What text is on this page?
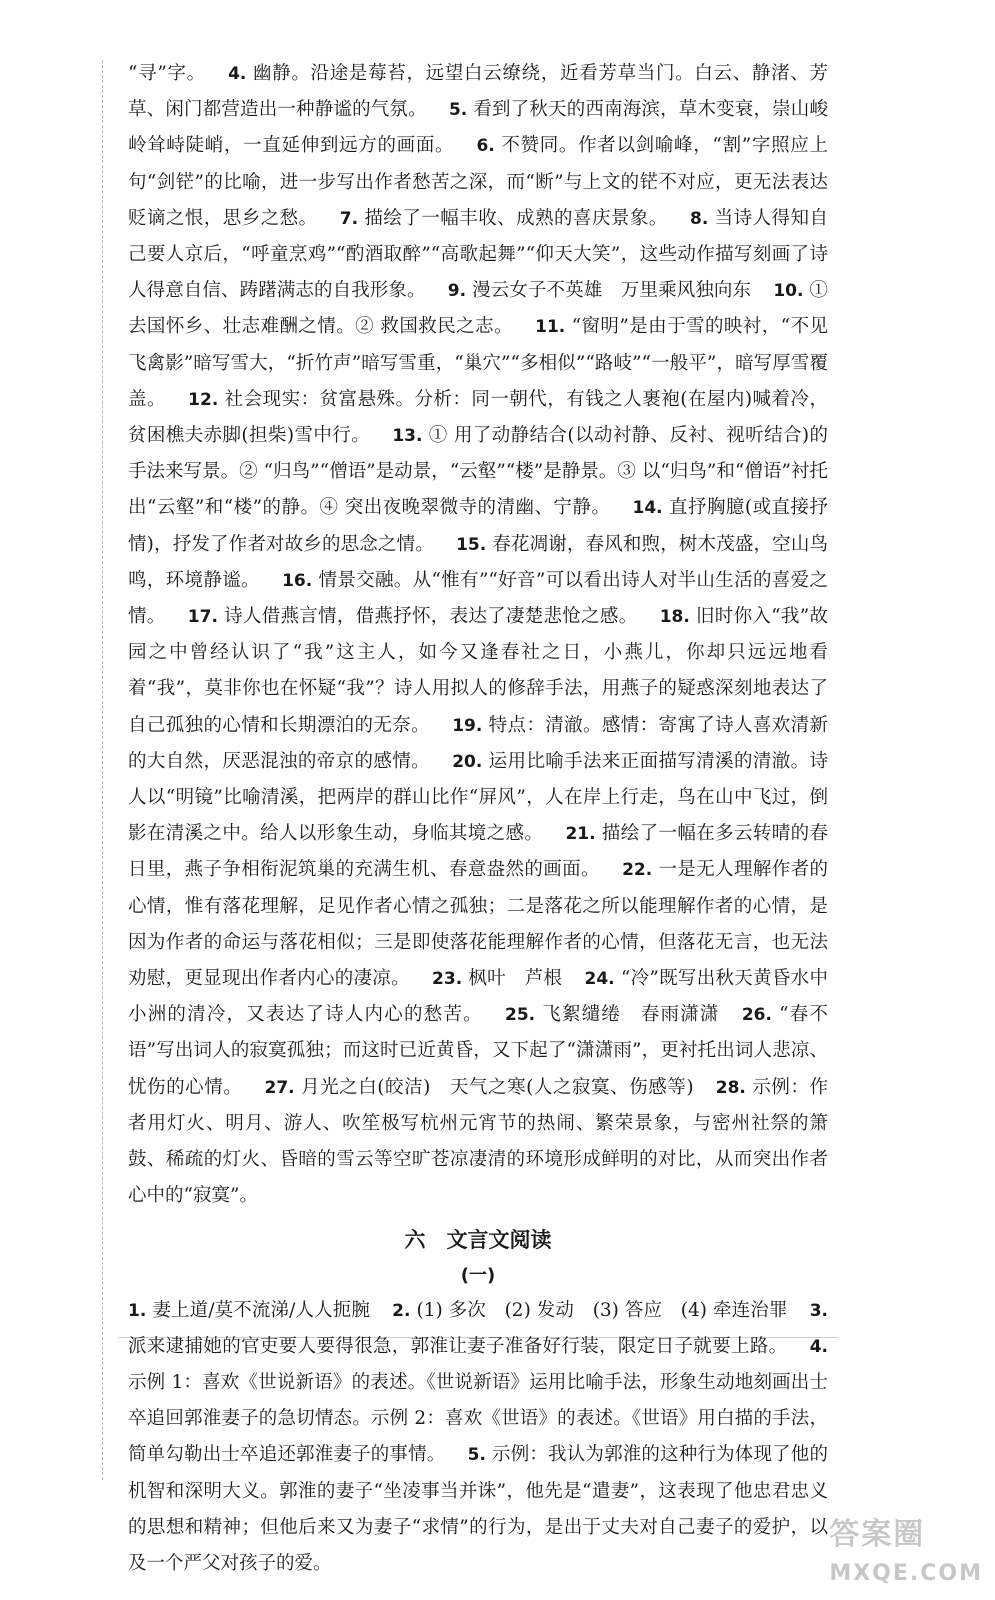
“寻”字。 4. 幽静。沿途是莓苔，远望白云缭绕，近看芳草当门。白云、静渚、芳草、闲门都营造出一种静谧的气氛。 5. 看到了秋天的西南海滨，草木变衰，崇山峻岭耸峙陡峭，一直延伸到远方的画面。 6. 不赞同。作者以剑喻峰，“割”字照应上句“剑铓”的比喻，进一步写出作者愁苦之深，而“断”与上文的铓不对应，更无法表达贬谪之恨，思乡之愁。 7. 描绘了一幅丰收、成熟的喜庆景象。 8. 当诗人得知自己要人京后，“呼童烹鸡”“酌酒取醉”“高歌起舞”“仰天大笑”，这些动作描写刻画了诗人得意自信、踌躇满志的自我形象。 9. 漫云女子不英雄　万里乘风独向东 10. ① 去国怀乡、壮志难酬之情。② 救国救民之志。 11. “窗明”是由于雪的映衬，“不见飞禽影”暗写雪大，“折竹声”暗写雪重，“巢穴”“多相似”“路岐”“一般平”，暗写厚雪覆盖。 12. 社会现实：贫富悬殊。分析：同一朝代，有钱之人裹袍(在屋内)喊着冷，贫困樵夫赤脚(担柴)雪中行。 13. ① 用了动静结合(以动衬静、反衬、视听结合)的手法来写景。② “归鸟”“僧语”是动景，“云壑”“楼”是静景。③ 以“归鸟”和“僧语”衬托出“云壑”和“楼”的静。④ 突出夜晚翠微寺的清幽、宁静。 14. 直抒胸臆(或直接抒情)，抒发了作者对故乡的思念之情。 15. 春花凋谢，春风和煦，树木茂盛，空山鸟鸣，环境静谧。 16. 情景交融。从“惟有”“好音”可以看出诗人对半山生活的喜爱之情。 17. 诗人借燕言情，借燕抒怀，表达了凄楚悲怆之感。 18. 旧时你入“我”故园之中曾经认识了“我”这主人，如今又逢春社之日，小燕儿，你却只远远地看着“我”，莫非你也在怀疑“我”？诗人用拟人的修辞手法，用燕子的疑惑深刻地表达了自己孤独的心情和长期漂泊的无奈。 19. 特点：清澈。感情：寄寓了诗人喜欢清新的大自然，厌恶混浊的帝京的感情。 20. 运用比喻手法来正面描写清溪的清澈。诗人以“明镜”比喻清溪，把两岸的群山比作“屏风”，人在岸上行走，鸟在山中飞过，倒影在清溪之中。给人以形象生动，身临其境之感。 21. 描绘了一幅在多云转晴的春日里，燕子争相衔泥筑巢的充满生机、春意盎然的画面。 22. 一是无人理解作者的心情，惟有落花理解，足见作者心情之孤独；二是落花之所以能理解作者的心情，是因为作者的命运与落花相似；三是即使落花能理解作者的心情，但落花无言，也无法劝慰，更显现出作者内心的凄凉。 23. 枫叶　芦根 24. “冷”既写出秋天黄昏水中小洲的清冷，又表达了诗人内心的愁苦。 25. 飞絮缱绻　春雨潇潇 26. “春不语”写出词人的寂寞孤独；而这时已近黄昏，又下起了“潇潇雨”，更衬托出词人悲凉、忧伤的心情。 27. 月光之白(皎洁)　天气之寒(人之寂寞、伤感等) 28. 示例：作者用灯火、明月、游人、吹笙极写杭州元宵节的热闹、繁荣景象，与密州社祭的箫鼓、稀疏的灯火、昏暗的雪云等空旷苍凉凄清的环境形成鲜明的对比，从而突出作者心中的“寂寞”。

六　文言文阅读
(一)

1. 妻上道/莫不流涕/人人扼腕 2. (1) 多次　(2) 发动　(3) 答应　(4) 牵连治罪 3. 派来逮捕她的官吏要人要得很急，郭淮让妻子准备好行装，限定日子就要上路。 4. 示例 1：喜欢《世说新语》的表述。《世说新语》运用比喻手法，形象生动地刻画出士卒追回郭淮妻子的急切情态。示例 2：喜欢《世语》的表述。《世语》用白描的手法，简单勾勒出士卒追还郭淮妻子的事情。 5. 示例：我认为郭淮的这种行为体现了他的机智和深明大义。郭淮的妻子“坐凌事当并诛”，他先是“遣妻”，这表现了他忠君忠义的思想和精神；但他后来又为妻子“求情”的行为，是出于丈夫对自己妻子的爱护，以及一个严父对孩子的爱。

答案圈
MXQE.COM
